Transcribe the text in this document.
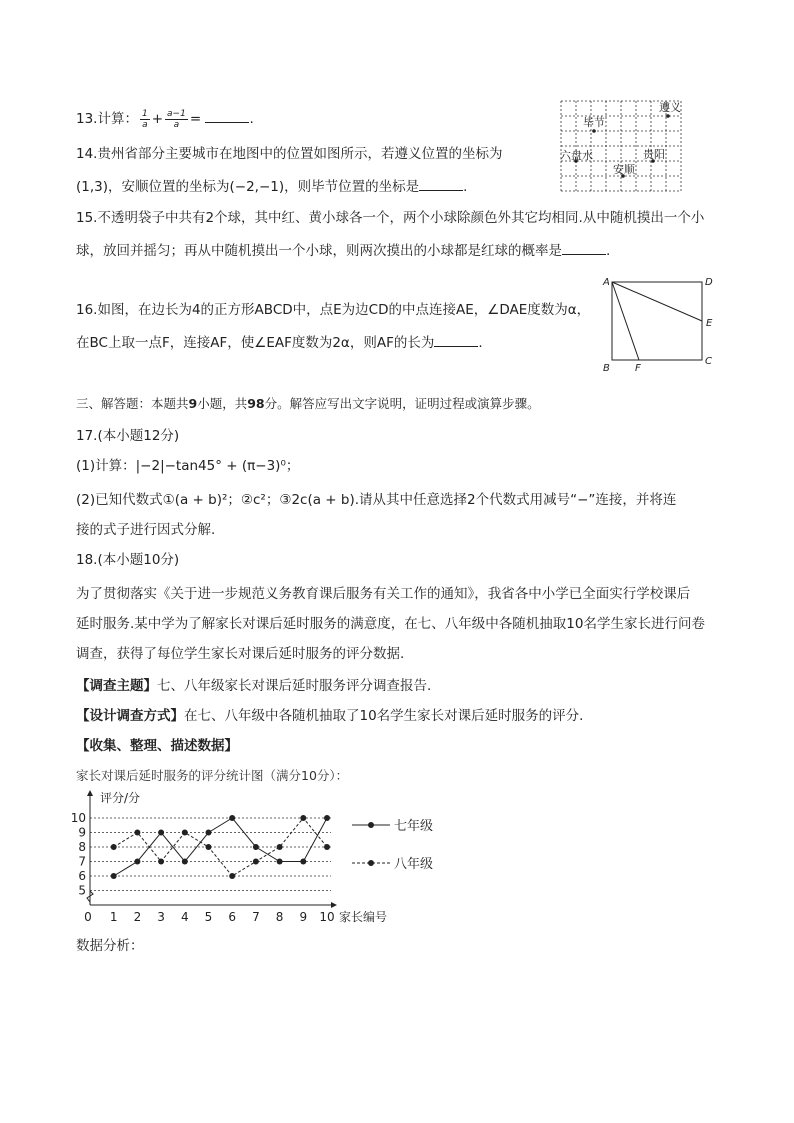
13.计算： $\frac{1}{a} + \frac{a-1}{a}$ =	.
遵义
毕节
六盘水	贵阳
安顺
14.贵州省部分主要城市在地图中的位置如图所示，若遵义位置的坐标为
(1,3)，安顺位置的坐标为(−2,−1)，则毕节位置的坐标是	.
15.不透明袋子中共有2个球，其中红、黄小球各一个，两个小球除颜色外其它均相同.从中随机摸出一个小
球，放回并摇匀；再从中随机摸出一个小球，则两次摸出的小球都是红球的概率是	.
A	D
E
C
B	F
16.如图，在边长为4的正方形ABCD中，点E为边CD的中点连接AE，∠DAE度数为α，
在BC上取一点F，连接AF，使∠EAF度数为2α，则AF的长为	.
三、解答题：本题共9小题，共98分。解答应写出文字说明，证明过程或演算步骤。
17.(本小题12分)
(1)计算：|−2|−tan45° + (π−3)⁰；
(2)已知代数式①(a + b)²；②c²；③2c(a + b).请从其中任意选择2个代数式用减号“−”连接，并将连
接的式子进行因式分解.
18.(本小题10分)
为了贯彻落实《关于进一步规范义务教育课后服务有关工作的通知》，我省各中小学已全面实行学校课后
延时服务.某中学为了解家长对课后延时服务的满意度，在七、八年级中各随机抽取10名学生家长进行问卷
调查，获得了每位学生家长对课后延时服务的评分数据.
【调查主题】七、八年级家长对课后延时服务评分调查报告.
【设计调查方式】在七、八年级中各随机抽取了10名学生家长对课后延时服务的评分.
【收集、整理、描述数据】
家长对课后延时服务的评分统计图（满分10分）：
5
6
7
8
9
10
0 1 2 3 4 5 6 7 8 9 10
评分/分
家长编号
七年级
八年级
数据分析：
